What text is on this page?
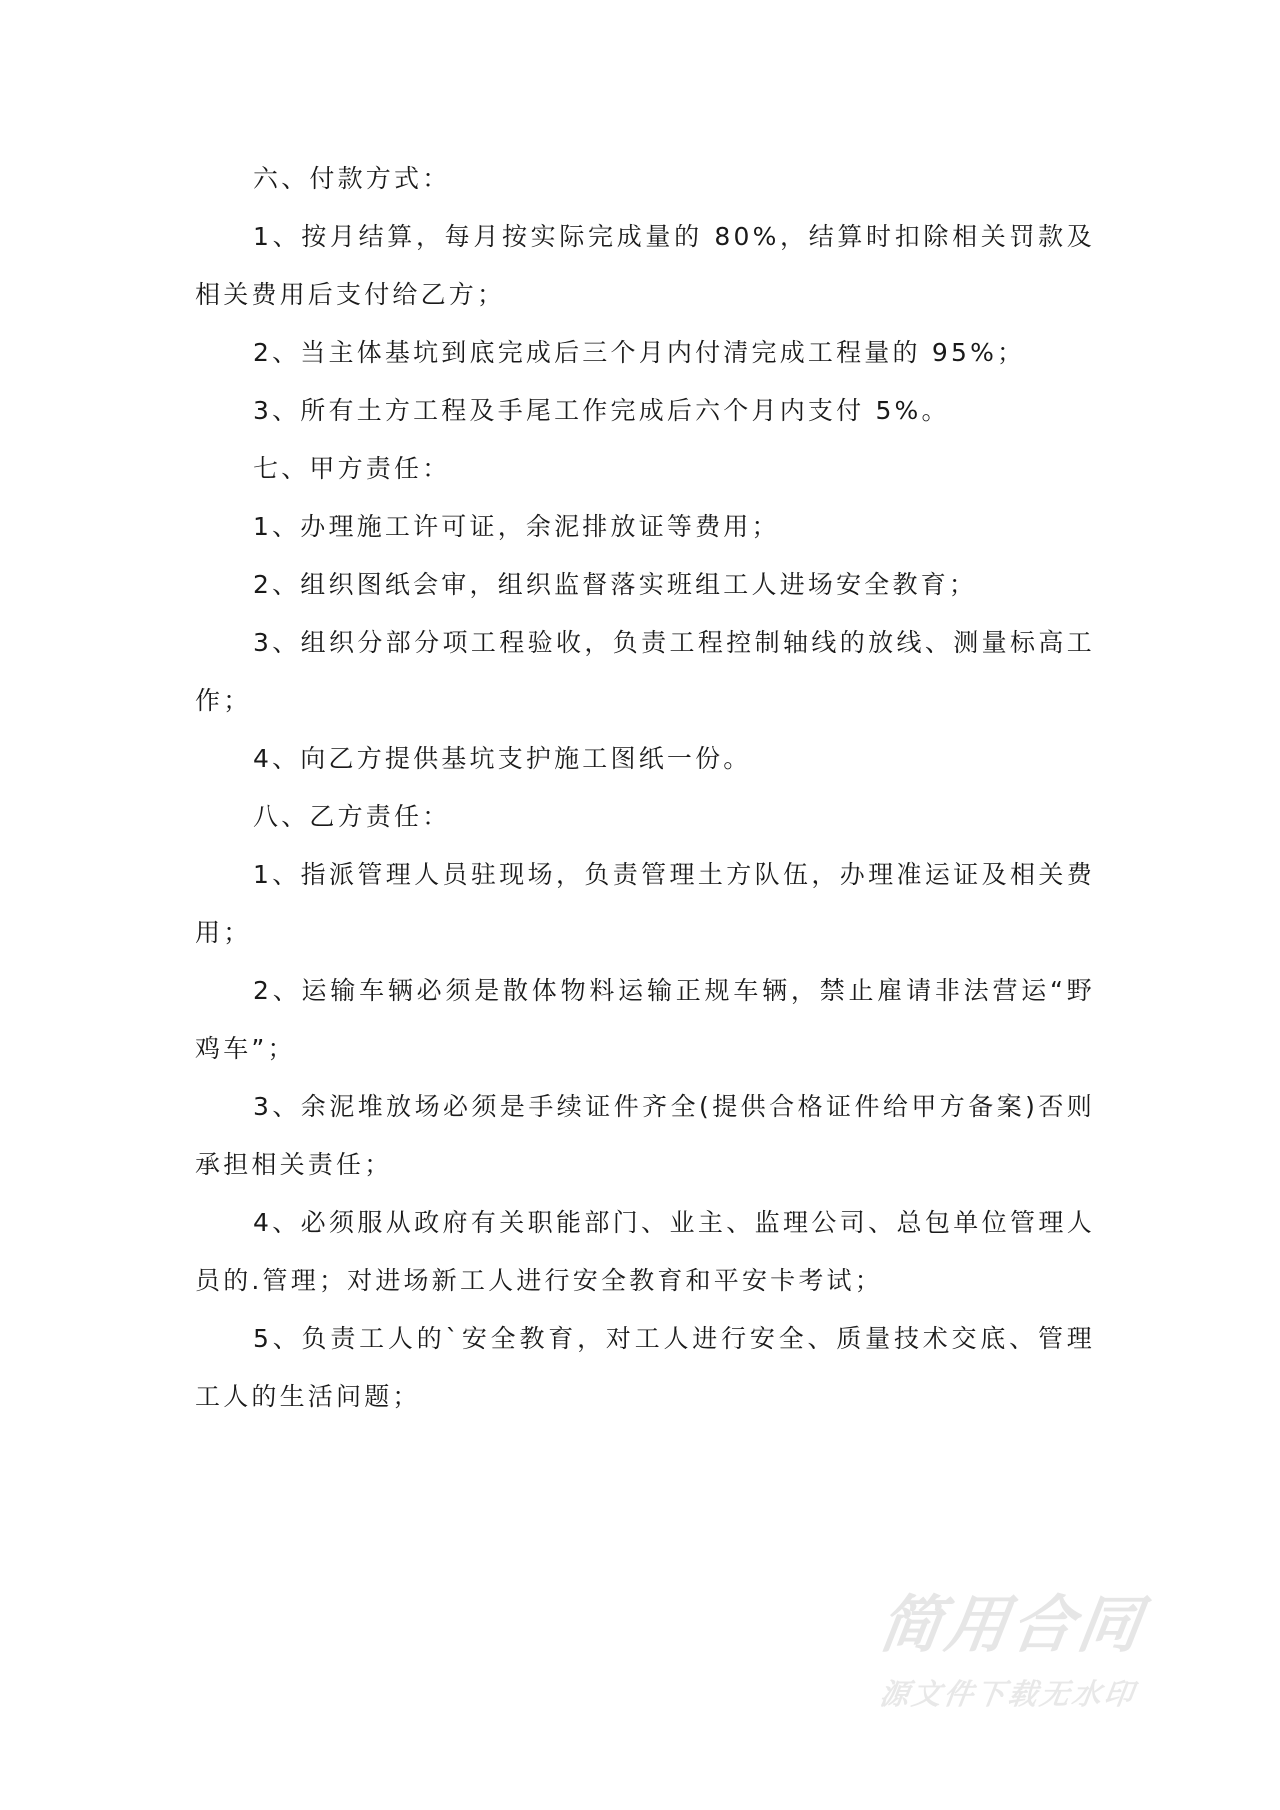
六、付款方式：

1、按月结算，每月按实际完成量的 80%，结算时扣除相关罚款及相关费用后支付给乙方；

2、当主体基坑到底完成后三个月内付清完成工程量的 95%；

3、所有土方工程及手尾工作完成后六个月内支付 5%。

七、甲方责任：

1、办理施工许可证，余泥排放证等费用；

2、组织图纸会审，组织监督落实班组工人进场安全教育；

3、组织分部分项工程验收，负责工程控制轴线的放线、测量标高工作；

4、向乙方提供基坑支护施工图纸一份。

八、乙方责任：

1、指派管理人员驻现场，负责管理土方队伍，办理准运证及相关费用；

2、运输车辆必须是散体物料运输正规车辆，禁止雇请非法营运“野鸡车”；

3、余泥堆放场必须是手续证件齐全(提供合格证件给甲方备案)否则承担相关责任；

4、必须服从政府有关职能部门、业主、监理公司、总包单位管理人员的.管理；对进场新工人进行安全教育和平安卡考试；

5、负责工人的`安全教育，对工人进行安全、质量技术交底、管理工人的生活问题；

简用合同
源文件下载无水印
